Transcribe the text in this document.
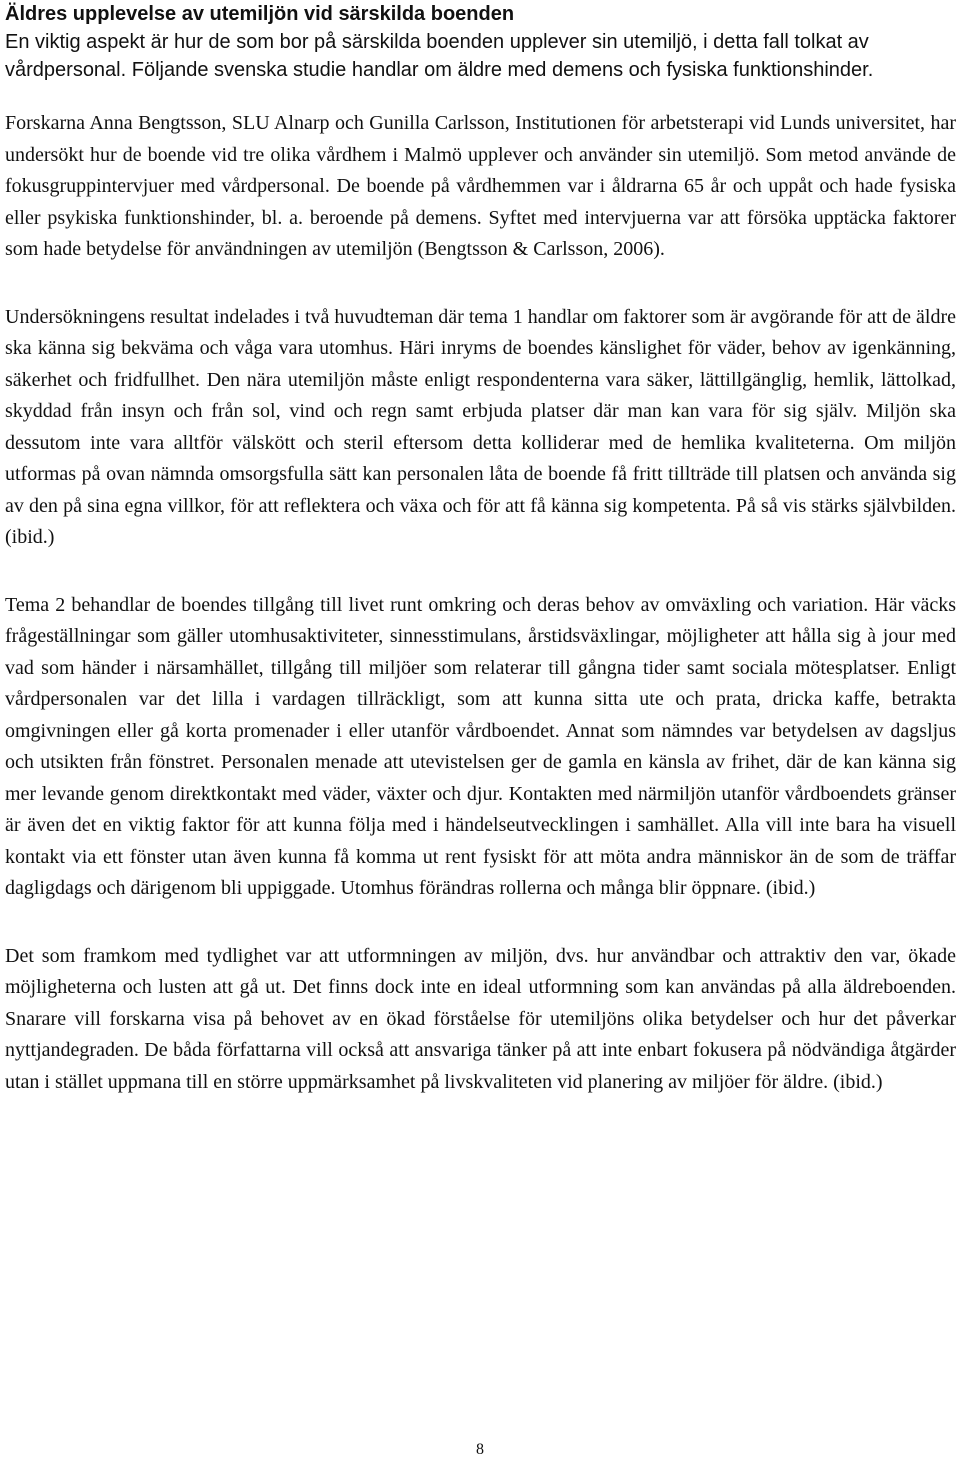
Äldres upplevelse av utemiljön vid särskilda boenden
En viktig aspekt är hur de som bor på särskilda boenden upplever sin utemiljö, i detta fall tolkat av vårdpersonal. Följande svenska studie handlar om äldre med demens och fysiska funktionshinder.

Forskarna Anna Bengtsson, SLU Alnarp och Gunilla Carlsson, Institutionen för arbetsterapi vid Lunds universitet, har undersökt hur de boende vid tre olika vårdhem i Malmö upplever och använder sin utemiljö. Som metod använde de fokusgruppintervjuer med vårdpersonal. De boende på vårdhemmen var i åldrarna 65 år och uppåt och hade fysiska eller psykiska funktionshinder, bl. a. beroende på demens. Syftet med intervjuerna var att försöka upptäcka faktorer som hade betydelse för användningen av utemiljön (Bengtsson & Carlsson, 2006).

Undersökningens resultat indelades i två huvudteman där tema 1 handlar om faktorer som är avgörande för att de äldre ska känna sig bekväma och våga vara utomhus. Häri inryms de boendes känslighet för väder, behov av igenkänning, säkerhet och fridfullhet. Den nära utemiljön måste enligt respondenterna vara säker, lättillgänglig, hemlik, lättolkad, skyddad från insyn och från sol, vind och regn samt erbjuda platser där man kan vara för sig själv. Miljön ska dessutom inte vara alltför välskött och steril eftersom detta kolliderar med de hemlika kvaliteterna. Om miljön utformas på ovan nämnda omsorgsfulla sätt kan personalen låta de boende få fritt tillträde till platsen och använda sig av den på sina egna villkor, för att reflektera och växa och för att få känna sig kompetenta. På så vis stärks självbilden. (ibid.)

Tema 2 behandlar de boendes tillgång till livet runt omkring och deras behov av omväxling och variation. Här väcks frågeställningar som gäller utomhusaktiviteter, sinnesstimulans, årstidsväxlingar, möjligheter att hålla sig à jour med vad som händer i närsamhället, tillgång till miljöer som relaterar till gångna tider samt sociala mötesplatser. Enligt vårdpersonalen var det lilla i vardagen tillräckligt, som att kunna sitta ute och prata, dricka kaffe, betrakta omgivningen eller gå korta promenader i eller utanför vårdboendet. Annat som nämndes var betydelsen av dagsljus och utsikten från fönstret. Personalen menade att utevistelsen ger de gamla en känsla av frihet, där de kan känna sig mer levande genom direktkontakt med väder, växter och djur. Kontakten med närmiljön utanför vårdboendets gränser är även det en viktig faktor för att kunna följa med i händelseutvecklingen i samhället. Alla vill inte bara ha visuell kontakt via ett fönster utan även kunna få komma ut rent fysiskt för att möta andra människor än de som de träffar dagligdags och därigenom bli uppiggade. Utomhus förändras rollerna och många blir öppnare. (ibid.)

Det som framkom med tydlighet var att utformningen av miljön, dvs. hur användbar och attraktiv den var, ökade möjligheterna och lusten att gå ut. Det finns dock inte en ideal utformning som kan användas på alla äldreboenden. Snarare vill forskarna visa på behovet av en ökad förståelse för utemiljöns olika betydelser och hur det påverkar nyttjandegraden. De båda författarna vill också att ansvariga tänker på att inte enbart fokusera på nödvändiga åtgärder utan i stället uppmana till en större uppmärksamhet på livskvaliteten vid planering av miljöer för äldre. (ibid.)

8
